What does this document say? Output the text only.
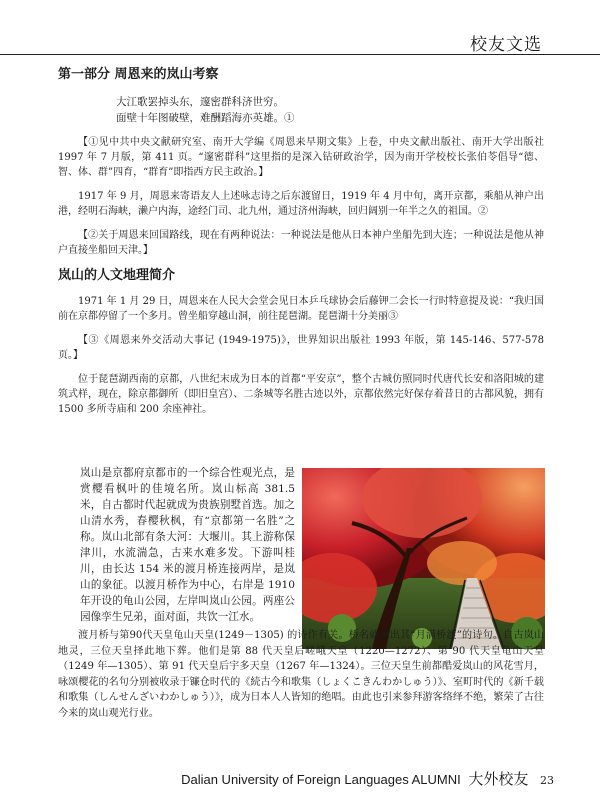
校友文选

第一部分 周恩来的岚山考察

大江歌罢掉头东，邃密群科济世穷。
面壁十年图破壁，难酬蹈海亦英雄。①

【①见中共中央文献研究室、南开大学编《周恩来早期文集》上卷，中央文献出版社、南开大学出版社 1997 年 7 月版，第 411 页。“邃密群科”这里指的是深入钻研政治学，因为南开学校校长张伯苓倡导“德、智、体、群”四育，“群育”即指西方民主政治。】

1917 年 9 月，周恩来寄语友人上述咏志诗之后东渡留日，1919 年 4 月中旬，离开京都，乘船从神户出港，经明石海峡，濑户内海，途经门司、北九州，通过济州海峡，回归阔别一年半之久的祖国。②

【②关于周恩来回国路线，现在有两种说法：一种说法是他从日本神户坐船先到大连；一种说法是他从神户直接坐船回天津。】

岚山的人文地理简介

1971 年 1 月 29 日，周恩来在人民大会堂会见日本乒乓球协会后藤钾二会长一行时特意提及说：“我归国前在京都停留了一个多月。曾坐船穿越山洞，前往琵琶湖。琵琶湖十分美丽③

【③《周恩来外交活动大事记 (1949-1975)》，世界知识出版社 1993 年版，第 145-146、577-578 页。】

位于琵琶湖西南的京都，八世纪末成为日本的首都“平安京”，整个古城仿照同时代唐代长安和洛阳城的建筑式样，现在，除京都御所（即旧皇宫）、二条城等名胜古迹以外，京都依然完好保存着昔日的古都风貌，拥有 1500 多所寺庙和 200 余座神社。

岚山是京都府京都市的一个综合性观光点，是赏樱看枫叶的佳境名所。岚山标高 381.5 米，自古都时代起就成为贵族别墅首选。加之山清水秀，春樱秋枫，有“京都第一名胜”之称。岚山北部有条大河：大堰川。其上游称保津川，水流湍急，古来水难多发。下游叫桂川，由长达 154 米的渡月桥连接两岸，是岚山的象征。以渡月桥作为中心，右岸是 1910 年开设的龟山公园，左岸叫岚山公园。两座公园像孪生兄弟，面对面，共饮一江水。

渡月桥与第90代天皇龟山天皇(1249－1305) 的诗作有关。桥名就源出其“月满桥渡”的诗句。自古岚山地灵，三位天皇择此地下葬。他们是第 88 代天皇后嵯峨天皇（1220—1272）、第 90 代天皇龟山天皇（1249 年—1305）、第 91 代天皇后宇多天皇（1267 年—1324）。三位天皇生前都酷爱岚山的风花雪月，咏颂樱花的名句分别被收录于镰仓时代的《続古今和歌集（しょくこきんわかしゅう）》、室町时代的《新千载和歌集（しんせんざいわかしゅう）》，成为日本人人皆知的绝唱。由此也引来参拜游客络绎不绝，繁荣了古往今来的岚山观光行业。

Dalian University of Foreign Languages ALUMNI 大外校友 23
